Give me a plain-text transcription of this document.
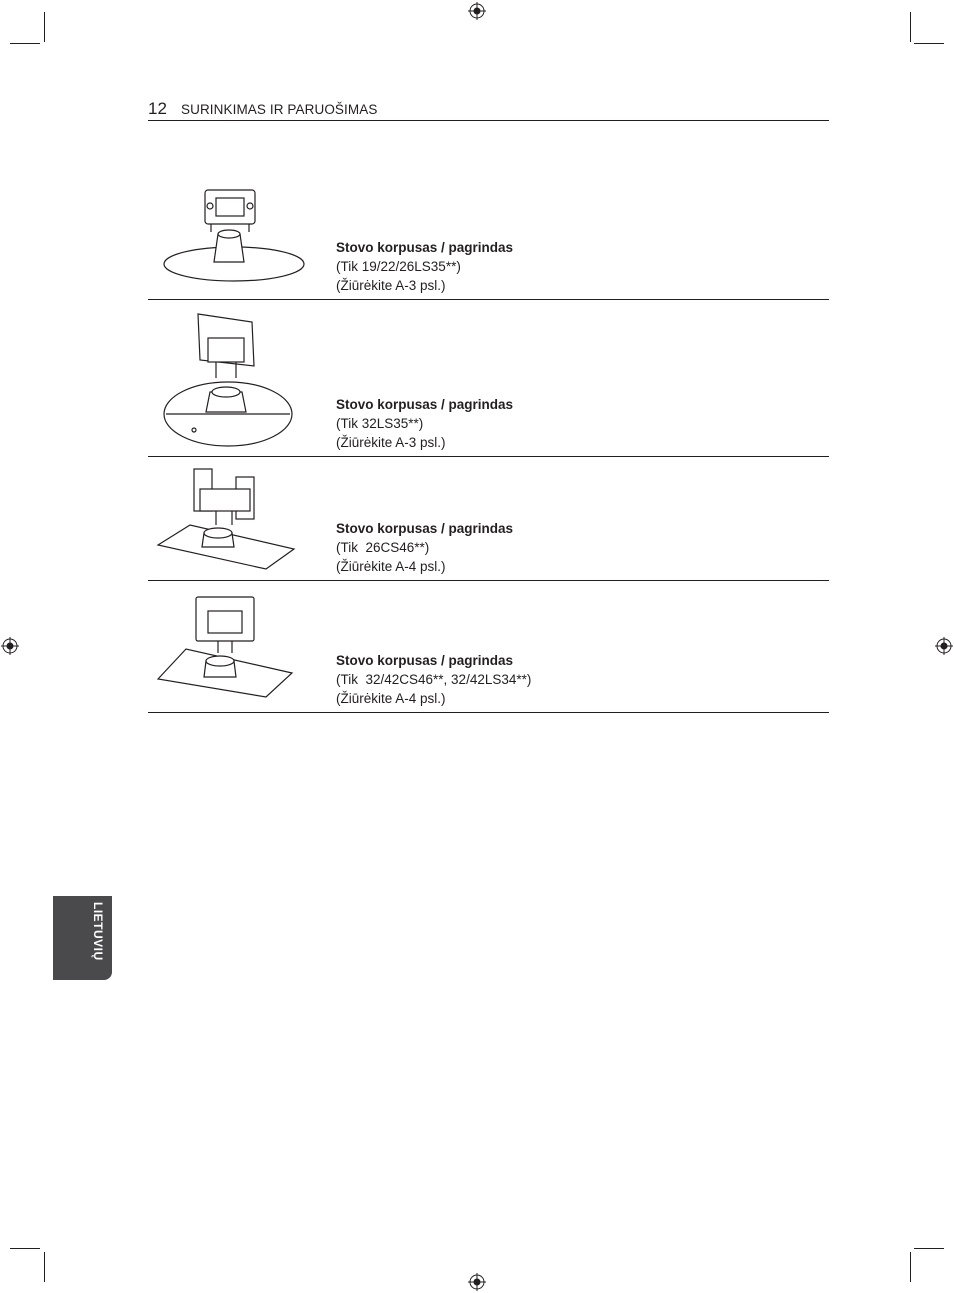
12 SURINKIMAS IR PARUOŠIMAS
Stovo korpusas / pagrindas
(Tik 19/22/26LS35**)
(Žiūrėkite A-3 psl.)
Stovo korpusas / pagrindas
(Tik 32LS35**)
(Žiūrėkite A-3 psl.)
Stovo korpusas / pagrindas
(Tik  26CS46**)
(Žiūrėkite A-4 psl.)
Stovo korpusas / pagrindas
(Tik  32/42CS46**, 32/42LS34**)
(Žiūrėkite A-4 psl.)
LIETUVIŲ
